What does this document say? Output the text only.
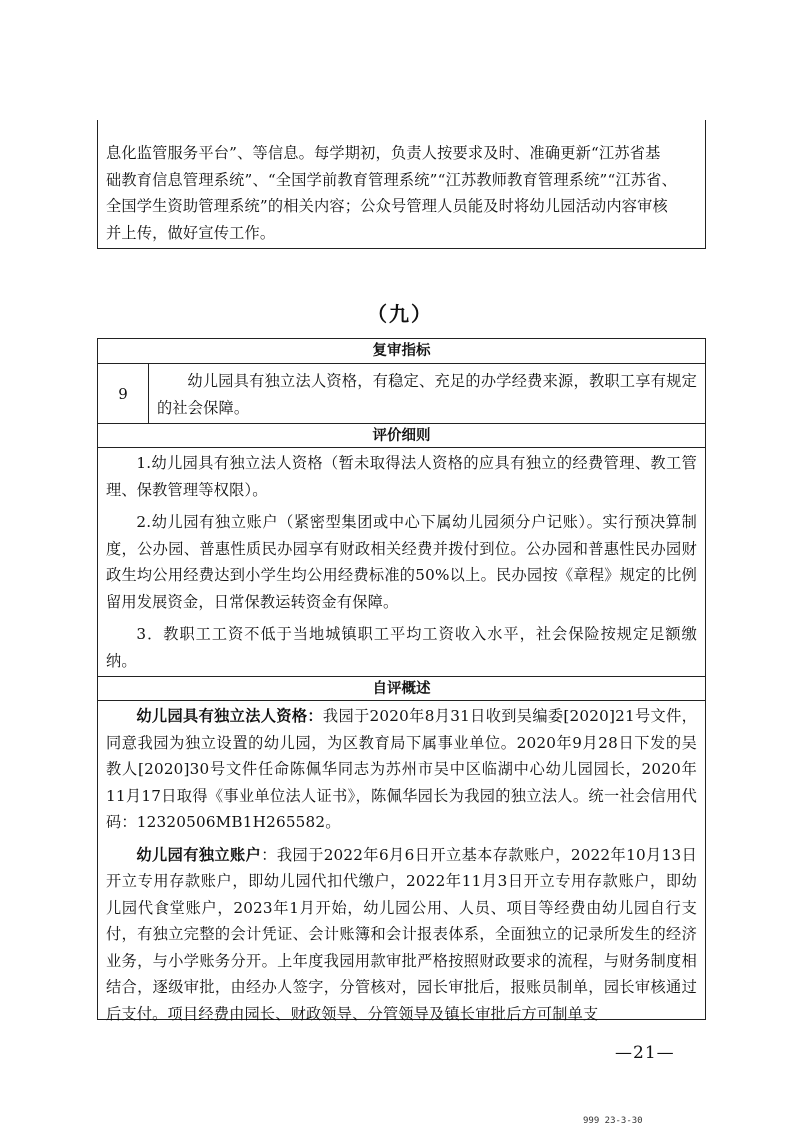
息化监管服务平台”、等信息。每学期初，负责人按要求及时、准确更新“江苏省基

础教育信息管理系统”、“全国学前教育管理系统”“江苏教师教育管理系统”“江苏省、

全国学生资助管理系统”的相关内容；公众号管理人员能及时将幼儿园活动内容审核

并上传，做好宣传工作。

（九）
复审指标
9

幼儿园具有独立法人资格，有稳定、充足的办学经费来源，教职工享有规定的社会保障。

评价细则

1.幼儿园具有独立法人资格（暂未取得法人资格的应具有独立的经费管理、教工管理、保教管理等权限）。

2.幼儿园有独立账户（紧密型集团或中心下属幼儿园须分户记账）。实行预决算制度，公办园、普惠性质民办园享有财政相关经费并拨付到位。公办园和普惠性民办园财政生均公用经费达到小学生均公用经费标准的50%以上。民办园按《章程》规定的比例留用发展资金，日常保教运转资金有保障。

3．教职工工资不低于当地城镇职工平均工资收入水平，社会保险按规定足额缴纳。

自评概述

幼儿园具有独立法人资格：我园于2020年8月31日收到吴编委[2020]21号文件，同意我园为独立设置的幼儿园，为区教育局下属事业单位。2020年9月28日下发的吴教人[2020]30号文件任命陈佩华同志为苏州市吴中区临湖中心幼儿园园长，2020年11月17日取得《事业单位法人证书》，陈佩华园长为我园的独立法人。统一社会信用代码：12320506MB1H265582。

幼儿园有独立账户：我园于2022年6月6日开立基本存款账户，2022年10月13日开立专用存款账户，即幼儿园代扣代缴户，2022年11月3日开立专用存款账户，即幼儿园代食堂账户，2023年1月开始，幼儿园公用、人员、项目等经费由幼儿园自行支付，有独立完整的会计凭证、会计账簿和会计报表体系，全面独立的记录所发生的经济业务，与小学账务分开。上年度我园用款审批严格按照财政要求的流程，与财务制度相结合，逐级审批，由经办人签字，分管核对，园长审批后，报账员制单，园长审核通过后支付。项目经费由园长、财政领导、分管领导及镇长审批后方可制单支

—21—
999 23-3-30
